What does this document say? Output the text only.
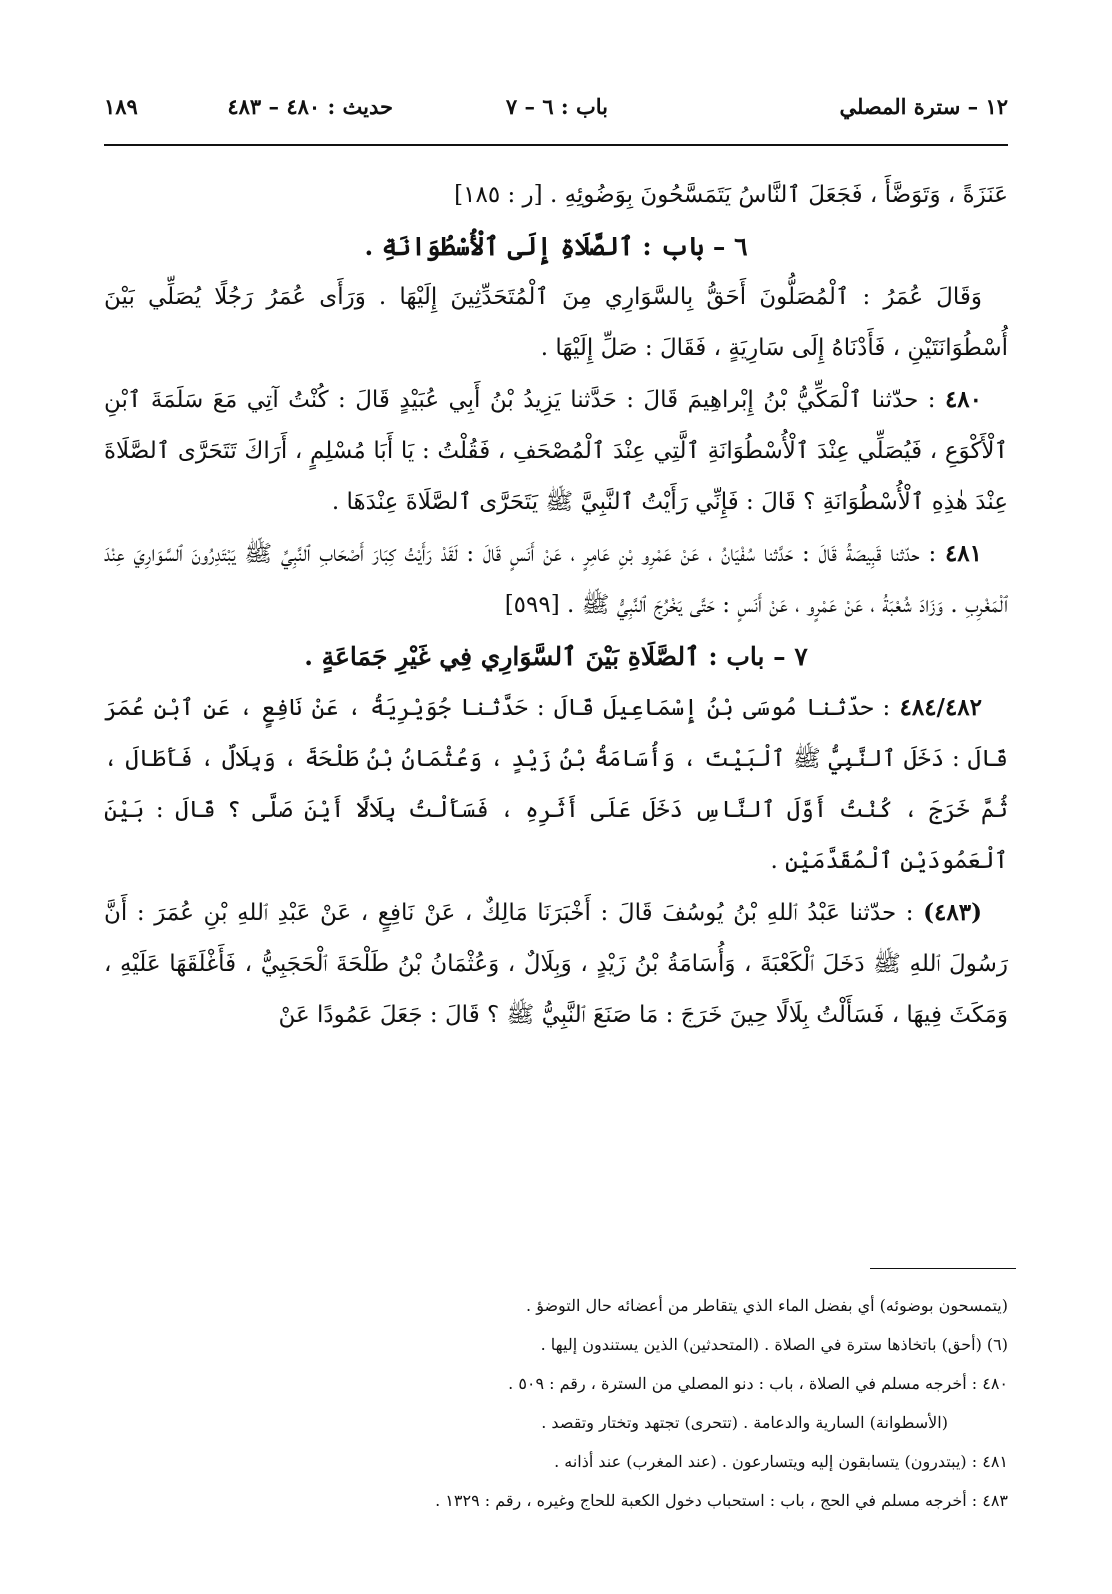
١٢ – سترة المصلي
باب : ٦ – ٧
حديث : ٤٨٠ – ٤٨٣
١٨٩

عَنَزَةً ، وَتَوَضَّأَ ، فَجَعَلَ ٱلنَّاسُ يَتَمَسَّحُونَ بِوَضُوئِهِ . [ر : ١٨٥]

٦ – باب : ٱلصَّلَاةِ إِلَى ٱلْأُسْطُوَانَةِ .

وَقَالَ عُمَرُ : ٱلْمُصَلُّونَ أَحَقُّ بِالسَّوَارِي مِنَ ٱلْمُتَحَدِّثِينَ إِلَيْهَا . وَرَأَى عُمَرُ رَجُلًا يُصَلِّي بَيْنَ أُسْطُوَانَتَيْنِ ، فَأَدْنَاهُ إِلَى سَارِيَةٍ ، فَقَالَ : صَلِّ إِلَيْهَا .

٤٨٠ : حدّثنا ٱلْمَكِّيُّ بْنُ إِبْراهِيمَ قَالَ : حَدَّثنا يَزِيدُ بْنُ أَبِي عُبَيْدٍ قَالَ : كُنْتُ آتِي مَعَ سَلَمَةَ ٱبْنِ ٱلْأَكْوَعِ ، فَيُصَلِّي عِنْدَ ٱلْأُسْطُوَانَةِ ٱلَّتِي عِنْدَ ٱلْمُصْحَفِ ، فَقُلْتُ : يَا أَبَا مُسْلِمٍ ، أَرَاكَ تَتَحَرَّى ٱلصَّلَاةَ عِنْدَ هٰذِهِ ٱلْأُسْطُوَانَةِ ؟ قَالَ : فَإِنِّي رَأَيْتُ ٱلنَّبِيَّ ﷺ يَتَحَرَّى ٱلصَّلَاةَ عِنْدَهَا .

٤٨١ : حدّثنا قَبِيصَةُ قَالَ : حَدَّثنا سُفْيَانُ ، عَنْ عَمْرِو بْنِ عَامِرٍ ، عَنْ أَنَسٍ قَالَ : لَقَدْ رَأَيْتُ كِبَارَ أَصْحَابِ ٱلنَّبِيِّ ﷺ يَبْتَدِرُونَ ٱلسَّوَارِيَ عِنْدَ ٱلْمَغْرِبِ . وَزَادَ شُعْبَةُ ، عَنْ عَمْرٍو ، عَنْ أَنَسٍ : حَتَّى يَخْرُجَ ٱلنَّبِيُّ ﷺ . [٥٩٩]

٧ – باب : ٱلصَّلَاةِ بَيْنَ ٱلسَّوَارِي فِي غَيْرِ جَمَاعَةٍ .

٤٨٤/٤٨٢ : حدّثنا مُوسَى بْنُ إِسْمَاعِيلَ قَالَ : حَدَّثنا جُوَيْرِيَةُ ، عَنْ نَافِعٍ ، عَنِ ٱبْنِ عُمَرَ قَالَ : دَخَلَ ٱلنَّبِيُّ ﷺ ٱلْبَيْتَ ، وَأُسَامَةُ بْنُ زَيْدٍ ، وَعُثْمَانُ بْنُ طَلْحَةَ ، وَبِلَالٌ ، فَأَطَالَ ، ثُمَّ خَرَجَ ، كُنْتُ أَوَّلَ ٱلنَّاسِ دَخَلَ عَلَى أَثَرِهِ ، فَسَأَلْتُ بِلَالًا أَيْنَ صَلَّى ؟ قَالَ : بَيْنَ ٱلْعَمُودَيْنِ ٱلْمُقَدَّمَيْنِ .

(٤٨٣) : حدّثنا عَبْدُ ٱللهِ بْنُ يُوسُفَ قَالَ : أَخْبَرَنَا مَالِكٌ ، عَنْ نَافِعٍ ، عَنْ عَبْدِ ٱللهِ بْنِ عُمَرَ : أَنَّ رَسُولَ ٱللهِ ﷺ دَخَلَ ٱلْكَعْبَةَ ، وَأُسَامَةُ بْنُ زَيْدٍ ، وَبِلَالٌ ، وَعُثْمَانُ بْنُ طَلْحَةَ ٱلْحَجَبِيُّ ، فَأَغْلَقَهَا عَلَيْهِ ، وَمَكَثَ فِيهَا ، فَسَأَلْتُ بِلَالًا حِينَ خَرَجَ : مَا صَنَعَ ٱلنَّبِيُّ ﷺ ؟ قَالَ : جَعَلَ عَمُودًا عَنْ

(يتمسحون بوضوئه) أي بفضل الماء الذي يتقاطر من أعضائه حال التوضؤ .

(٦) (أحق) باتخاذها سترة في الصلاة . (المتحدثين) الذين يستندون إليها .

٤٨٠ : أخرجه مسلم في الصلاة ، باب : دنو المصلي من السترة ، رقم : ٥٠٩ .

(الأسطوانة) السارية والدعامة . (تتحرى) تجتهد وتختار وتقصد .

٤٨١ : (يبتدرون) يتسابقون إليه ويتسارعون . (عند المغرب) عند أذانه .

٤٨٣ : أخرجه مسلم في الحج ، باب : استحباب دخول الكعبة للحاج وغيره ، رقم : ١٣٢٩ .
